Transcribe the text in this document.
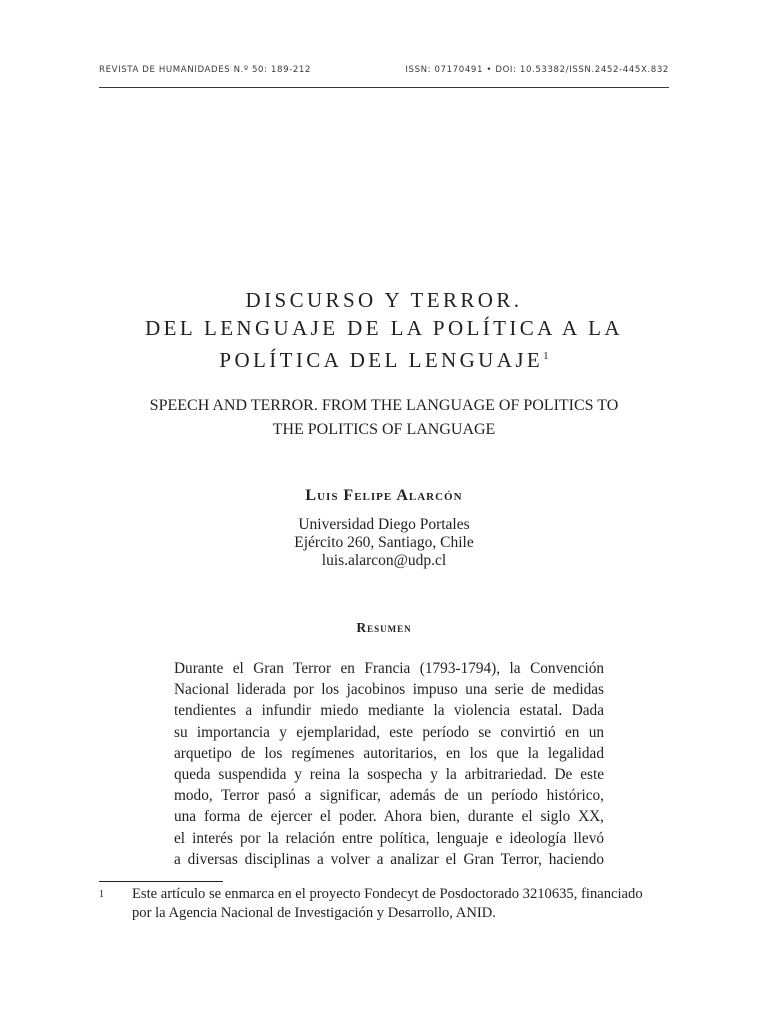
REVISTA DE HUMANIDADES N.º 50: 189-212	ISSN: 07170491 • DOI: 10.53382/ISSN.2452-445X.832
DISCURSO Y TERROR.
DEL LENGUAJE DE LA POLÍTICA A LA
POLÍTICA DEL LENGUAJE$^1$
SPEECH AND TERROR. FROM THE LANGUAGE OF POLITICS TO
THE POLITICS OF LANGUAGE
Luis Felipe Alarcón
Universidad Diego Portales
Ejército 260, Santiago, Chile
luis.alarcon@udp.cl
Resumen
Durante el Gran Terror en Francia (1793-1794), la Convención
Nacional liderada por los jacobinos impuso una serie de medidas
tendientes a infundir miedo mediante la violencia estatal. Dada
su importancia y ejemplaridad, este período se convirtió en un
arquetipo de los regímenes autoritarios, en los que la legalidad
queda suspendida y reina la sospecha y la arbitrariedad. De este
modo, Terror pasó a significar, además de un período histórico,
una forma de ejercer el poder. Ahora bien, durante el siglo XX,
el interés por la relación entre política, lenguaje e ideología llevó
a diversas disciplinas a volver a analizar el Gran Terror, haciendo
1 Este artículo se enmarca en el proyecto Fondecyt de Posdoctorado 3210635, financiado
por la Agencia Nacional de Investigación y Desarrollo, ANID.
